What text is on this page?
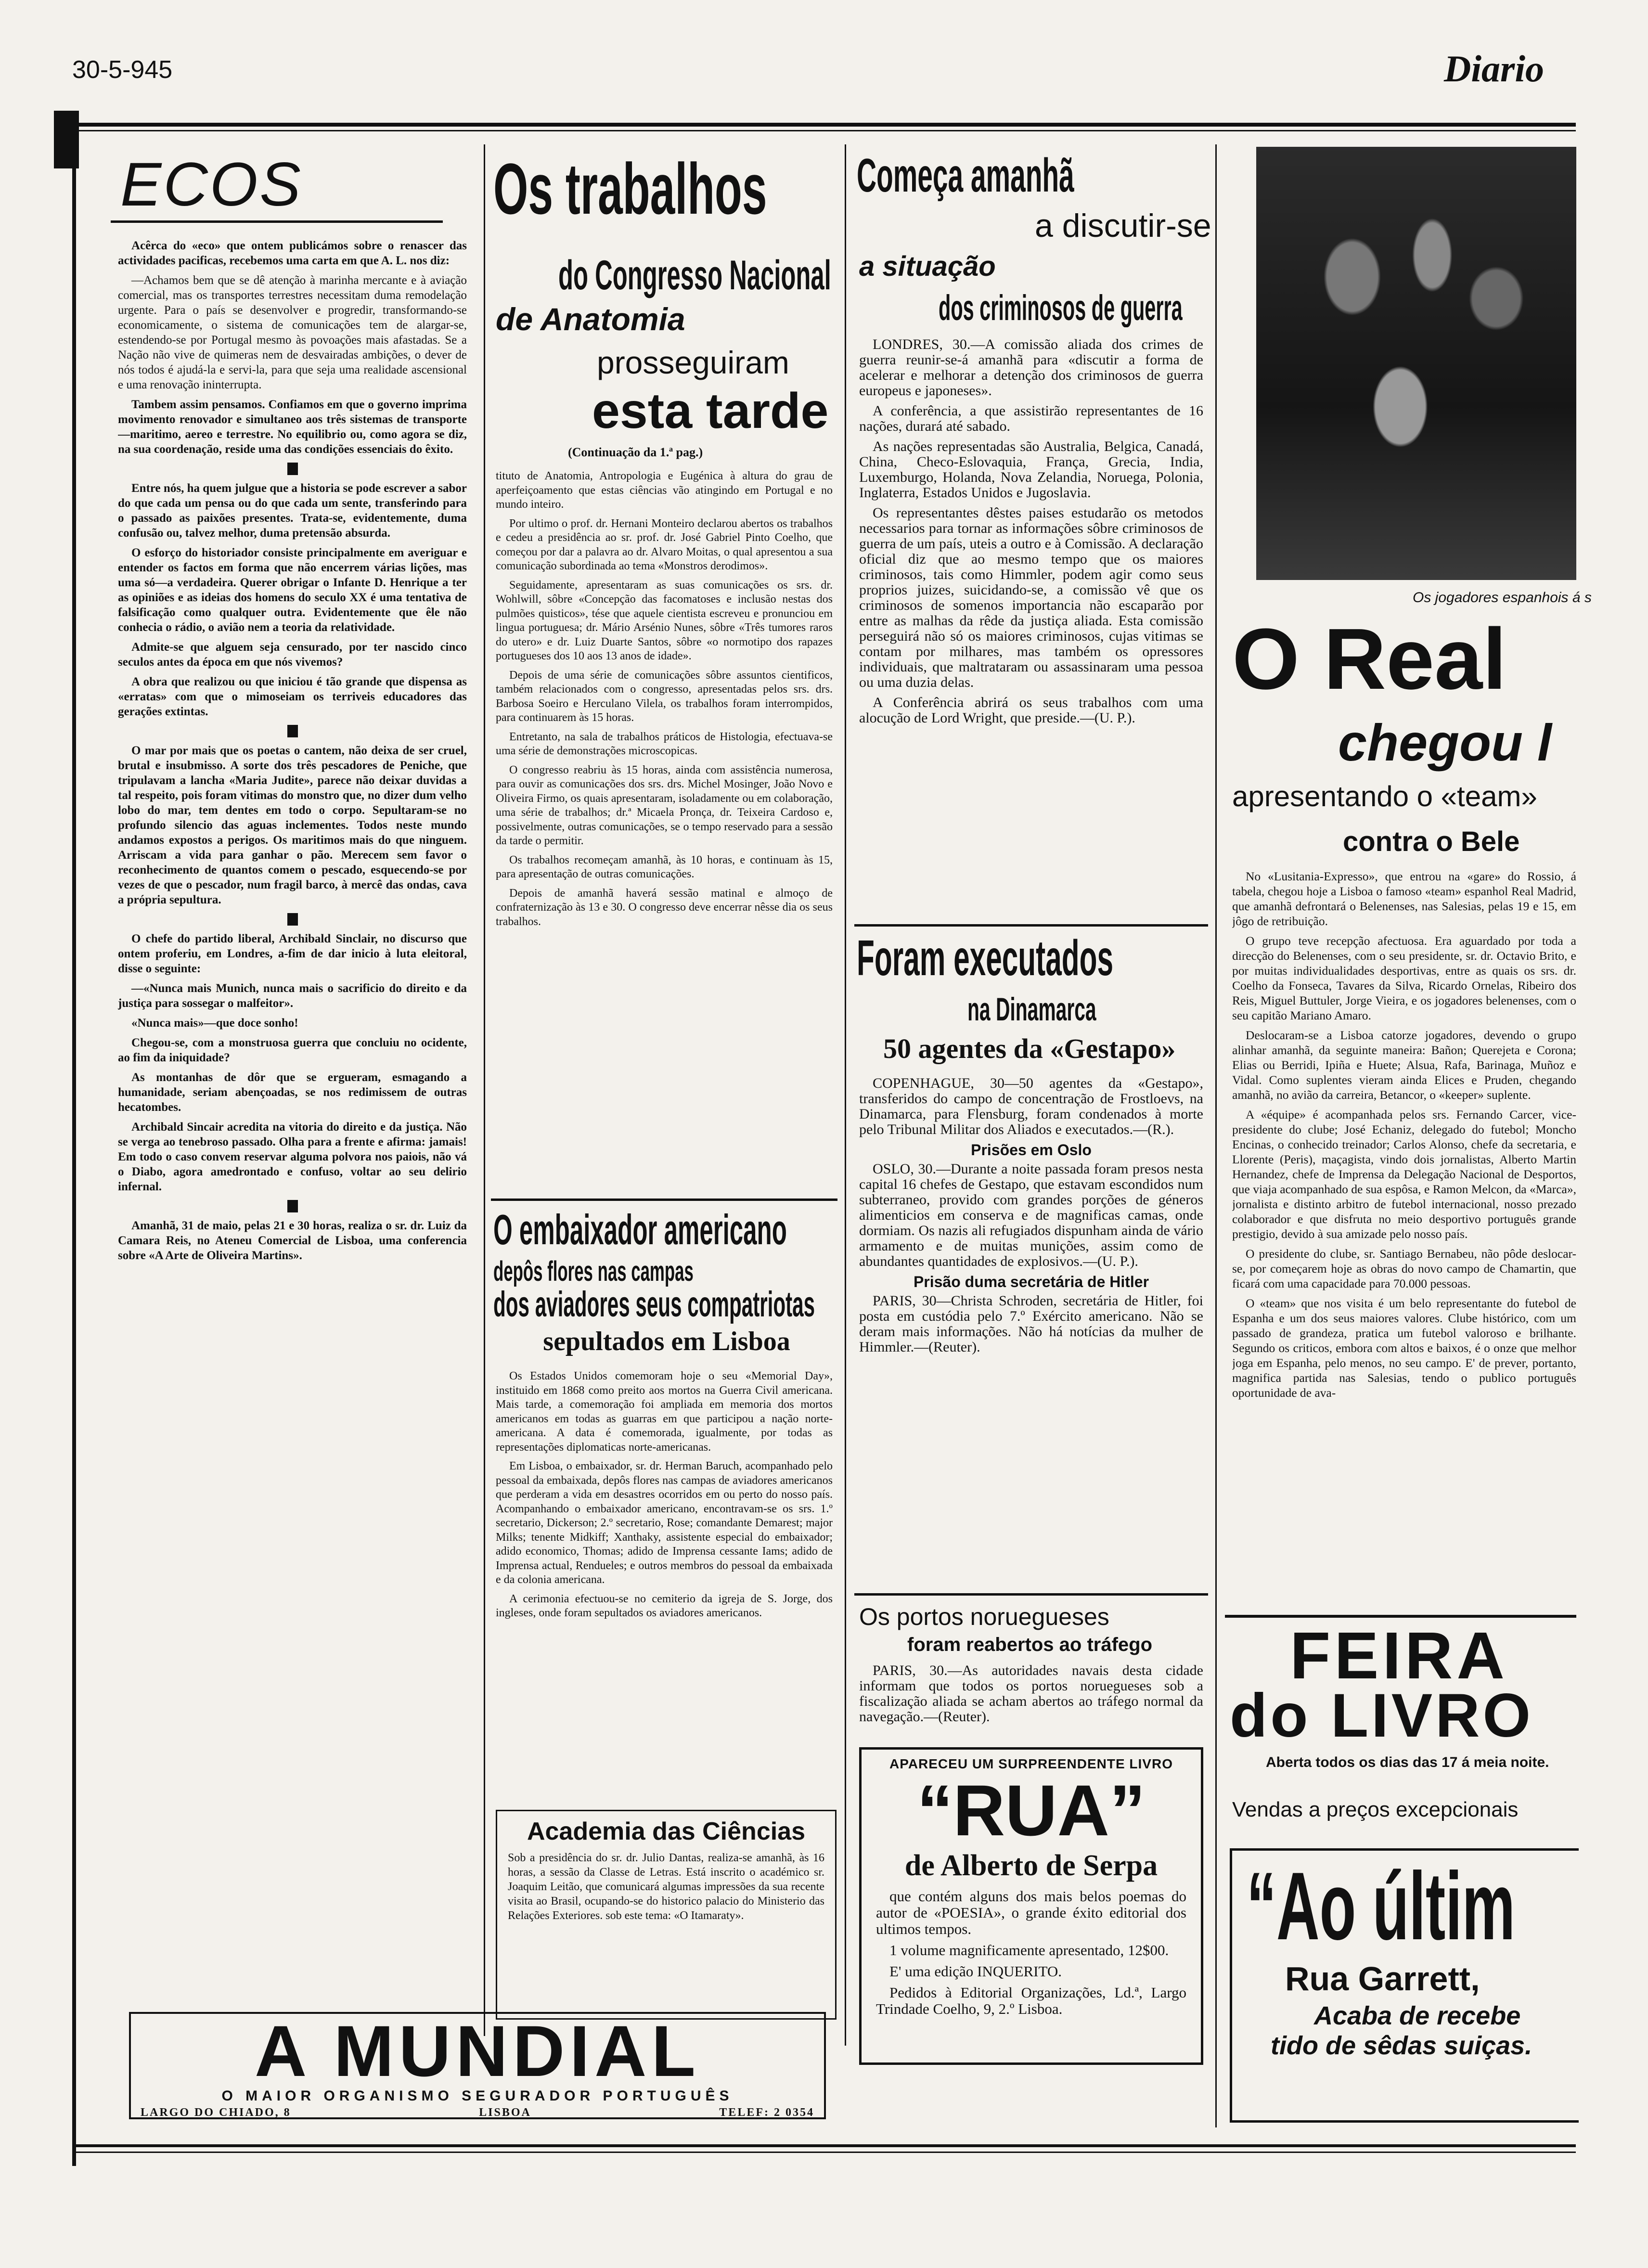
30-5-945	Diario
ECOS

Acêrca do «eco» que ontem publicámos sobre o renascer das actividades pacificas, recebemos uma carta em que A. L. nos diz:

—Achamos bem que se dê atenção à marinha mercante e à aviação comercial, mas os transportes terrestres necessitam duma remodelação urgente. Para o país se desenvolver e progredir, transformando-se economicamente, o sistema de comunicações tem de alargar-se, estendendo-se por Portugal mesmo às povoações mais afastadas. Se a Nação não vive de quimeras nem de desvairadas ambições, o dever de nós todos é ajudá-la e servi-la, para que seja uma realidade ascensional e uma renovação ininterrupta.

Tambem assim pensamos. Confiamos em que o governo imprima movimento renovador e simultaneo aos três sistemas de transporte—maritimo, aereo e terrestre. No equilibrio ou, como agora se diz, na sua coordenação, reside uma das condições essenciais do êxito.

Entre nós, ha quem julgue que a historia se pode escrever a sabor do que cada um pensa ou do que cada um sente, transferindo para o passado as paixões presentes. Trata-se, evidentemente, duma confusão ou, talvez melhor, duma pretensão absurda.

O esforço do historiador consiste principalmente em averiguar e entender os factos em forma que não encerrem várias lições, mas uma só—a verdadeira. Querer obrigar o Infante D. Henrique a ter as opiniões e as ideias dos homens do seculo XX é uma tentativa de falsificação como qualquer outra. Evidentemente que êle não conhecia o rádio, o avião nem a teoria da relatividade.

Admite-se que alguem seja censurado, por ter nascido cinco seculos antes da época em que nós vivemos?

A obra que realizou ou que iniciou é tão grande que dispensa as «erratas» com que o mimoseiam os terriveis educadores das gerações extintas.

O mar por mais que os poetas o cantem, não deixa de ser cruel, brutal e insubmisso. A sorte dos três pescadores de Peniche, que tripulavam a lancha «Maria Judite», parece não deixar duvidas a tal respeito, pois foram vitimas do monstro que, no dizer dum velho lobo do mar, tem dentes em todo o corpo. Sepultaram-se no profundo silencio das aguas inclementes. Todos neste mundo andamos expostos a perigos. Os maritimos mais do que ninguem. Arriscam a vida para ganhar o pão. Merecem sem favor o reconhecimento de quantos comem o pescado, esquecendo-se por vezes de que o pescador, num fragil barco, à mercê das ondas, cava a própria sepultura.

O chefe do partido liberal, Archibald Sinclair, no discurso que ontem proferiu, em Londres, a-fim de dar inicio à luta eleitoral, disse o seguinte:

—«Nunca mais Munich, nunca mais o sacrificio do direito e da justiça para sossegar o malfeitor».

«Nunca mais»—que doce sonho!

Chegou-se, com a monstruosa guerra que concluiu no ocidente, ao fim da iniquidade?

As montanhas de dôr que se ergueram, esmagando a humanidade, seriam abençoadas, se nos redimissem de outras hecatombes.

Archibald Sincair acredita na vitoria do direito e da justiça. Não se verga ao tenebroso passado. Olha para a frente e afirma: jamais! Em todo o caso convem reservar alguma polvora nos paiois, não vá o Diabo, agora amedrontado e confuso, voltar ao seu delirio infernal.

Amanhã, 31 de maio, pelas 21 e 30 horas, realiza o sr. dr. Luiz da Camara Reis, no Ateneu Comercial de Lisboa, uma conferencia sobre «A Arte de Oliveira Martins».

Os trabalhos
do Congresso Nacional
de Anatomia
prosseguiram
esta tarde
(Continuação da 1.ª pag.)

tituto de Anatomia, Antropologia e Eugénica à altura do grau de aperfeiçoamento que estas ciências vão atingindo em Portugal e no mundo inteiro.

Por ultimo o prof. dr. Hernani Monteiro declarou abertos os trabalhos e cedeu a presidência ao sr. prof. dr. José Gabriel Pinto Coelho, que começou por dar a palavra ao dr. Alvaro Moitas, o qual apresentou a sua comunicação subordinada ao tema «Monstros derodimos».

Seguidamente, apresentaram as suas comunicações os srs. dr. Wohlwill, sôbre «Concepção das facomatoses e inclusão nestas dos pulmões quisticos», tése que aquele cientista escreveu e pronunciou em lingua portuguesa; dr. Mário Arsénio Nunes, sôbre «Três tumores raros do utero» e dr. Luiz Duarte Santos, sôbre «o normotipo dos rapazes portugueses dos 10 aos 13 anos de idade».

Depois de uma série de comunicações sôbre assuntos cientificos, também relacionados com o congresso, apresentadas pelos srs. drs. Barbosa Soeiro e Herculano Vilela, os trabalhos foram interrompidos, para continuarem às 15 horas.

Entretanto, na sala de trabalhos práticos de Histologia, efectuava-se uma série de demonstrações microscopicas.

O congresso reabriu às 15 horas, ainda com assistência numerosa, para ouvir as comunicações dos srs. drs. Michel Mosinger, João Novo e Oliveira Firmo, os quais apresentaram, isoladamente ou em colaboração, uma série de trabalhos; dr.ª Micaela Pronça, dr. Teixeira Cardoso e, possivelmente, outras comunicações, se o tempo reservado para a sessão da tarde o permitir.

Os trabalhos recomeçam amanhã, às 10 horas, e continuam às 15, para apresentação de outras comunicações.

Depois de amanhã haverá sessão matinal e almoço de confraternização às 13 e 30. O congresso deve encerrar nêsse dia os seus trabalhos.

O embaixador americano
depôs flores nas campas
dos aviadores seus compatriotas
sepultados em Lisboa

Os Estados Unidos comemoram hoje o seu «Memorial Day», instituido em 1868 como preito aos mortos na Guerra Civil americana. Mais tarde, a comemoração foi ampliada em memoria dos mortos americanos em todas as guarras em que participou a nação norte-americana. A data é comemorada, igualmente, por todas as representações diplomaticas norte-americanas.

Em Lisboa, o embaixador, sr. dr. Herman Baruch, acompanhado pelo pessoal da embaixada, depôs flores nas campas de aviadores americanos que perderam a vida em desastres ocorridos em ou perto do nosso país. Acompanhando o embaixador americano, encontravam-se os srs. 1.º secretario, Dickerson; 2.º secretario, Rose; comandante Demarest; major Milks; tenente Midkiff; Xanthaky, assistente especial do embaixador; adido economico, Thomas; adido de Imprensa cessante Iams; adido de Imprensa actual, Rendueles; e outros membros do pessoal da embaixada e da colonia americana.

A cerimonia efectuou-se no cemiterio da igreja de S. Jorge, dos ingleses, onde foram sepultados os aviadores americanos.

Academia das Ciências
Sob a presidência do sr. dr. Julio Dantas, realiza-se amanhã, às 16 horas, a sessão da Classe de Letras. Está inscrito o académico sr. Joaquim Leitão, que comunicará algumas impressões da sua recente visita ao Brasil, ocupando-se do historico palacio do Ministerio das Relações Exteriores. sob este tema: «O Itamaraty».
A MUNDIAL
O MAIOR ORGANISMO SEGURADOR PORTUGUÊS
LARGO DO CHIADO, 8	LISBOA	TELEF: 2 0354
Começa amanhã
a discutir-se
a situação
dos criminosos de guerra

LONDRES, 30.—A comissão aliada dos crimes de guerra reunir-se-á amanhã para «discutir a forma de acelerar e melhorar a detenção dos criminosos de guerra europeus e japoneses».

A conferência, a que assistirão representantes de 16 nações, durará até sabado.

As nações representadas são Australia, Belgica, Canadá, China, Checo-Eslovaquia, França, Grecia, India, Luxemburgo, Holanda, Nova Zelandia, Noruega, Polonia, Inglaterra, Estados Unidos e Jugoslavia.

Os representantes dêstes paises estudarão os metodos necessarios para tornar as informações sôbre criminosos de guerra de um país, uteis a outro e à Comissão. A declaração oficial diz que ao mesmo tempo que os maiores criminosos, tais como Himmler, podem agir como seus proprios juizes, suicidando-se, a comissão vê que os criminosos de somenos importancia não escaparão por entre as malhas da rêde da justiça aliada. Esta comissão perseguirá não só os maiores criminosos, cujas vitimas se contam por milhares, mas também os opressores individuais, que maltrataram ou assassinaram uma pessoa ou uma duzia delas.

A Conferência abrirá os seus trabalhos com uma alocução de Lord Wright, que preside.—(U. P.).

Foram executados
na Dinamarca
50 agentes da «Gestapo»

COPENHAGUE, 30—50 agentes da «Gestapo», transferidos do campo de concentração de Frostloevs, na Dinamarca, para Flensburg, foram condenados à morte pelo Tribunal Militar dos Aliados e executados.—(R.).

Prisões em Oslo

OSLO, 30.—Durante a noite passada foram presos nesta capital 16 chefes de Gestapo, que estavam escondidos num subterraneo, provido com grandes porções de géneros alimenticios em conserva e de magnificas camas, onde dormiam. Os nazis ali refugiados dispunham ainda de vário armamento e de muitas munições, assim como de abundantes quantidades de explosivos.—(U. P.).

Prisão duma secretária de Hitler

PARIS, 30—Christa Schroden, secretária de Hitler, foi posta em custódia pelo 7.º Exército americano. Não se deram mais informações. Não há notícias da mulher de Himmler.—(Reuter).

Os portos noruegueses
foram reabertos ao tráfego

PARIS, 30.—As autoridades navais desta cidade informam que todos os portos noruegueses sob a fiscalização aliada se acham abertos ao tráfego normal da navegação.—(Reuter).

APARECEU UM SURPREENDENTE LIVRO
“RUA”
de Alberto de Serpa

que contém alguns dos mais belos poemas do autor de «POESIA», o grande éxito editorial dos ultimos tempos.

1 volume magnificamente apresentado, 12$00.

E' uma edição INQUERITO.

Pedidos à Editorial Organizações, Ld.ª, Largo Trindade Coelho, 9, 2.º Lisboa.

Os jogadores espanhois á s
O Real
chegou l
apresentando o «team»
contra o Bele

No «Lusitania-Expresso», que entrou na «gare» do Rossio, á tabela, chegou hoje a Lisboa o famoso «team» espanhol Real Madrid, que amanhã defrontará o Belenenses, nas Salesias, pelas 19 e 15, em jôgo de retribuição.

O grupo teve recepção afectuosa. Era aguardado por toda a direcção do Belenenses, com o seu presidente, sr. dr. Octavio Brito, e por muitas individualidades desportivas, entre as quais os srs. dr. Coelho da Fonseca, Tavares da Silva, Ricardo Ornelas, Ribeiro dos Reis, Miguel Buttuler, Jorge Vieira, e os jogadores belenenses, com o seu capitão Mariano Amaro.

Deslocaram-se a Lisboa catorze jogadores, devendo o grupo alinhar amanhã, da seguinte maneira: Bañon; Querejeta e Corona; Elias ou Berridi, Ipiña e Huete; Alsua, Rafa, Barinaga, Muñoz e Vidal. Como suplentes vieram ainda Elices e Pruden, chegando amanhã, no avião da carreira, Betancor, o «keeper» suplente.

A «équipe» é acompanhada pelos srs. Fernando Carcer, vice-presidente do clube; José Echaniz, delegado do futebol; Moncho Encinas, o conhecido treinador; Carlos Alonso, chefe da secretaria, e Llorente (Peris), maçagista, vindo dois jornalistas, Alberto Martin Hernandez, chefe de Imprensa da Delegação Nacional de Desportos, que viaja acompanhado de sua espôsa, e Ramon Melcon, da «Marca», jornalista e distinto arbitro de futebol internacional, nosso prezado colaborador e que disfruta no meio desportivo português grande prestigio, devido à sua amizade pelo nosso país.

O presidente do clube, sr. Santiago Bernabeu, não pôde deslocar-se, por começarem hoje as obras do novo campo de Chamartin, que ficará com uma capacidade para 70.000 pessoas.

O «team» que nos visita é um belo representante do futebol de Espanha e um dos seus maiores valores. Clube histórico, com um passado de grandeza, pratica um futebol valoroso e brilhante. Segundo os criticos, embora com altos e baixos, é o onze que melhor joga em Espanha, pelo menos, no seu campo. E' de prever, portanto, magnifica partida nas Salesias, tendo o publico português oportunidade de ava-

FEIRA
do LIVRO
Aberta todos os dias das 17 á meia noite.
Vendas a preços excepcionais
“Ao últim
Rua Garrett,
Acaba de recebe
tido de sêdas suiças.
